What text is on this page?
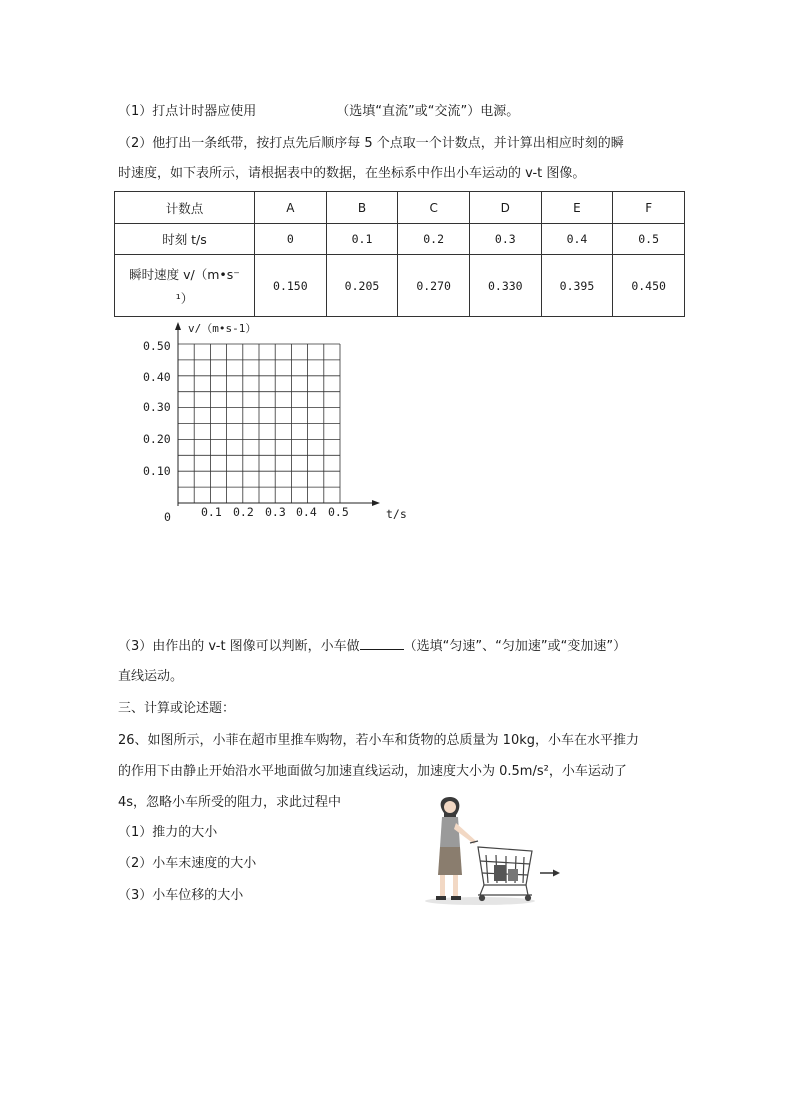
（1）打点计时器应使用	（选填“直流”或“交流”）电源。
（2）他打出一条纸带，按打点先后顺序每 5 个点取一个计数点，并计算出相应时刻的瞬
时速度，如下表所示，请根据表中的数据，在坐标系中作出小车运动的 v-t 图像。
计数点	A	B	C	D	E	F
时刻 t/s	0	0.1	0.2	0.3	0.4	0.5

瞬时速度 v/（m•s⁻
¹）	0.150	0.205	0.270	0.330	0.395	0.450
v/（m•s-1）
t/s
0
0.50
0.40
0.30
0.20
0.10
0.1 0.2 0.3 0.4 0.5
（3）由作出的 v-t 图像可以判断，小车做	（选填“匀速”、“匀加速”或“变加速”）
直线运动。
三、计算或论述题：
26、如图所示，小菲在超市里推车购物，若小车和货物的总质量为 10kg，小车在水平推力
的作用下由静止开始沿水平地面做匀加速直线运动，加速度大小为 0.5m/s²，小车运动了
4s，忽略小车所受的阻力，求此过程中
（1）推力的大小
（2）小车末速度的大小
（3）小车位移的大小
